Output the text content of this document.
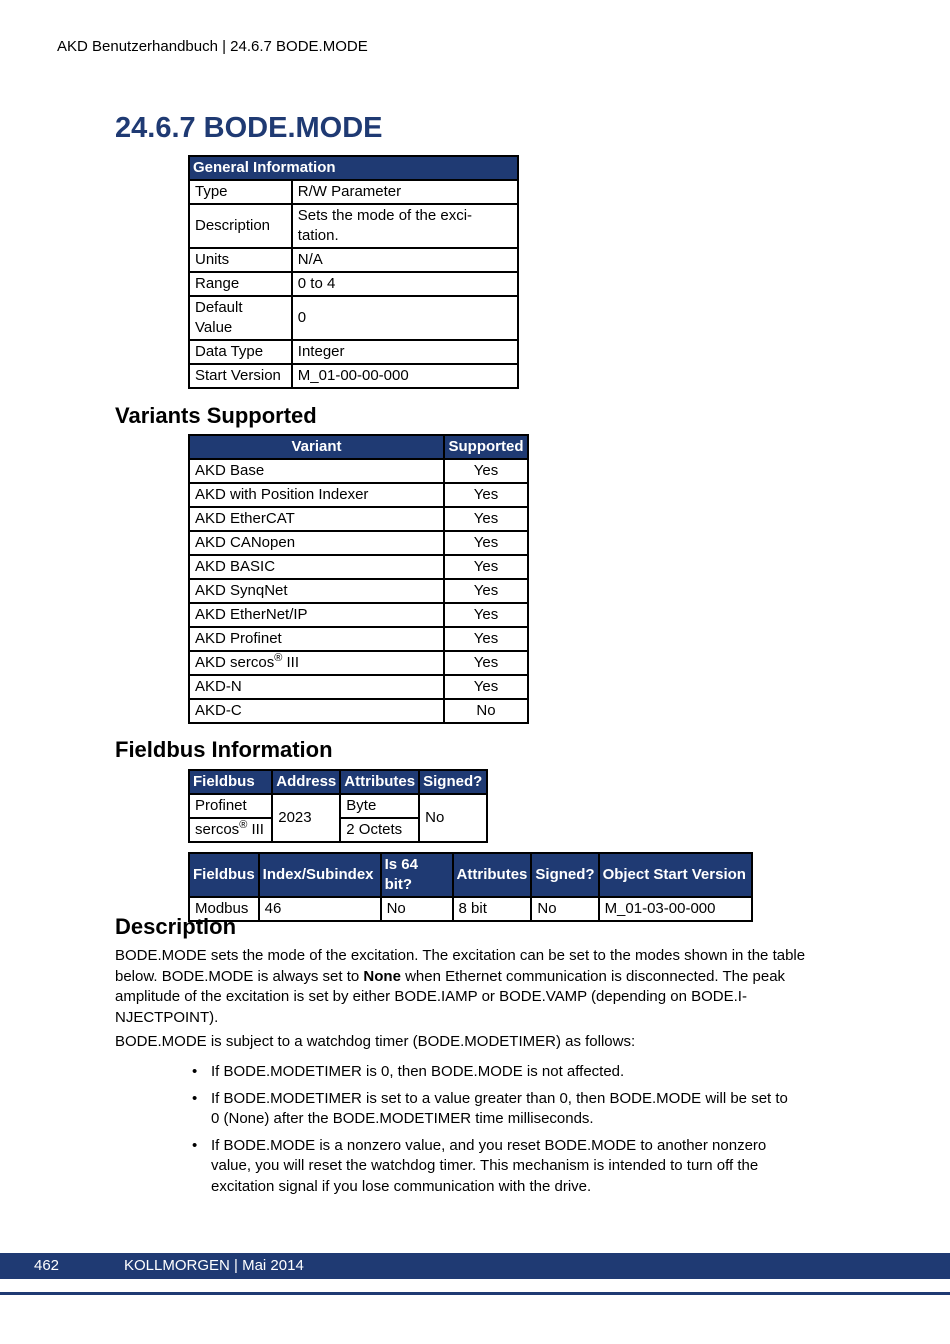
AKD Benutzerhandbuch | 24.6.7 BODE.MODE
24.6.7 BODE.MODE
General Information	
Type	R/W Parameter
Description	Sets the mode of the exci-
tation.
Units	N/A
Range	0 to 4
Default
Value	0
Data Type	Integer
Start Version	M_01-00-00-000
Variants Supported
Variant	Supported
AKD Base	Yes
AKD with Position Indexer	Yes
AKD EtherCAT	Yes
AKD CANopen	Yes
AKD BASIC	Yes
AKD SynqNet	Yes
AKD EtherNet/IP	Yes
AKD Profinet	Yes
AKD sercos® III	Yes
AKD-N	Yes
AKD-C	No
Fieldbus Information
Fieldbus	Address	Attributes	Signed?
Profinet	2023	Byte	No
sercos® III		2 Octets	
Fieldbus	Index/Subindex	Is 64 bit?	Attributes	Signed?	Object Start Version
Modbus	46	No	8 bit	No	M_01-03-00-000
Description

BODE.MODE sets the mode of the excitation. The excitation can be set to the modes shown in the table below. BODE.MODE is always set to None when Ethernet communication is disconnected. The peak amplitude of the excitation is set by either BODE.IAMP or BODE.VAMP (depending on BODE.I-NJECTPOINT).

BODE.MODE is subject to a watchdog timer (BODE.MODETIMER) as follows:

• If BODE.MODETIMER is 0, then BODE.MODE is not affected.
• If BODE.MODETIMER is set to a value greater than 0, then BODE.MODE will be set to 0 (None) after the BODE.MODETIMER time milliseconds.
• If BODE.MODE is a nonzero value, and you reset BODE.MODE to another nonzero value, you will reset the watchdog timer. This mechanism is intended to turn off the excitation signal if you lose communication with the drive.
462	KOLLMORGEN | Mai 2014
